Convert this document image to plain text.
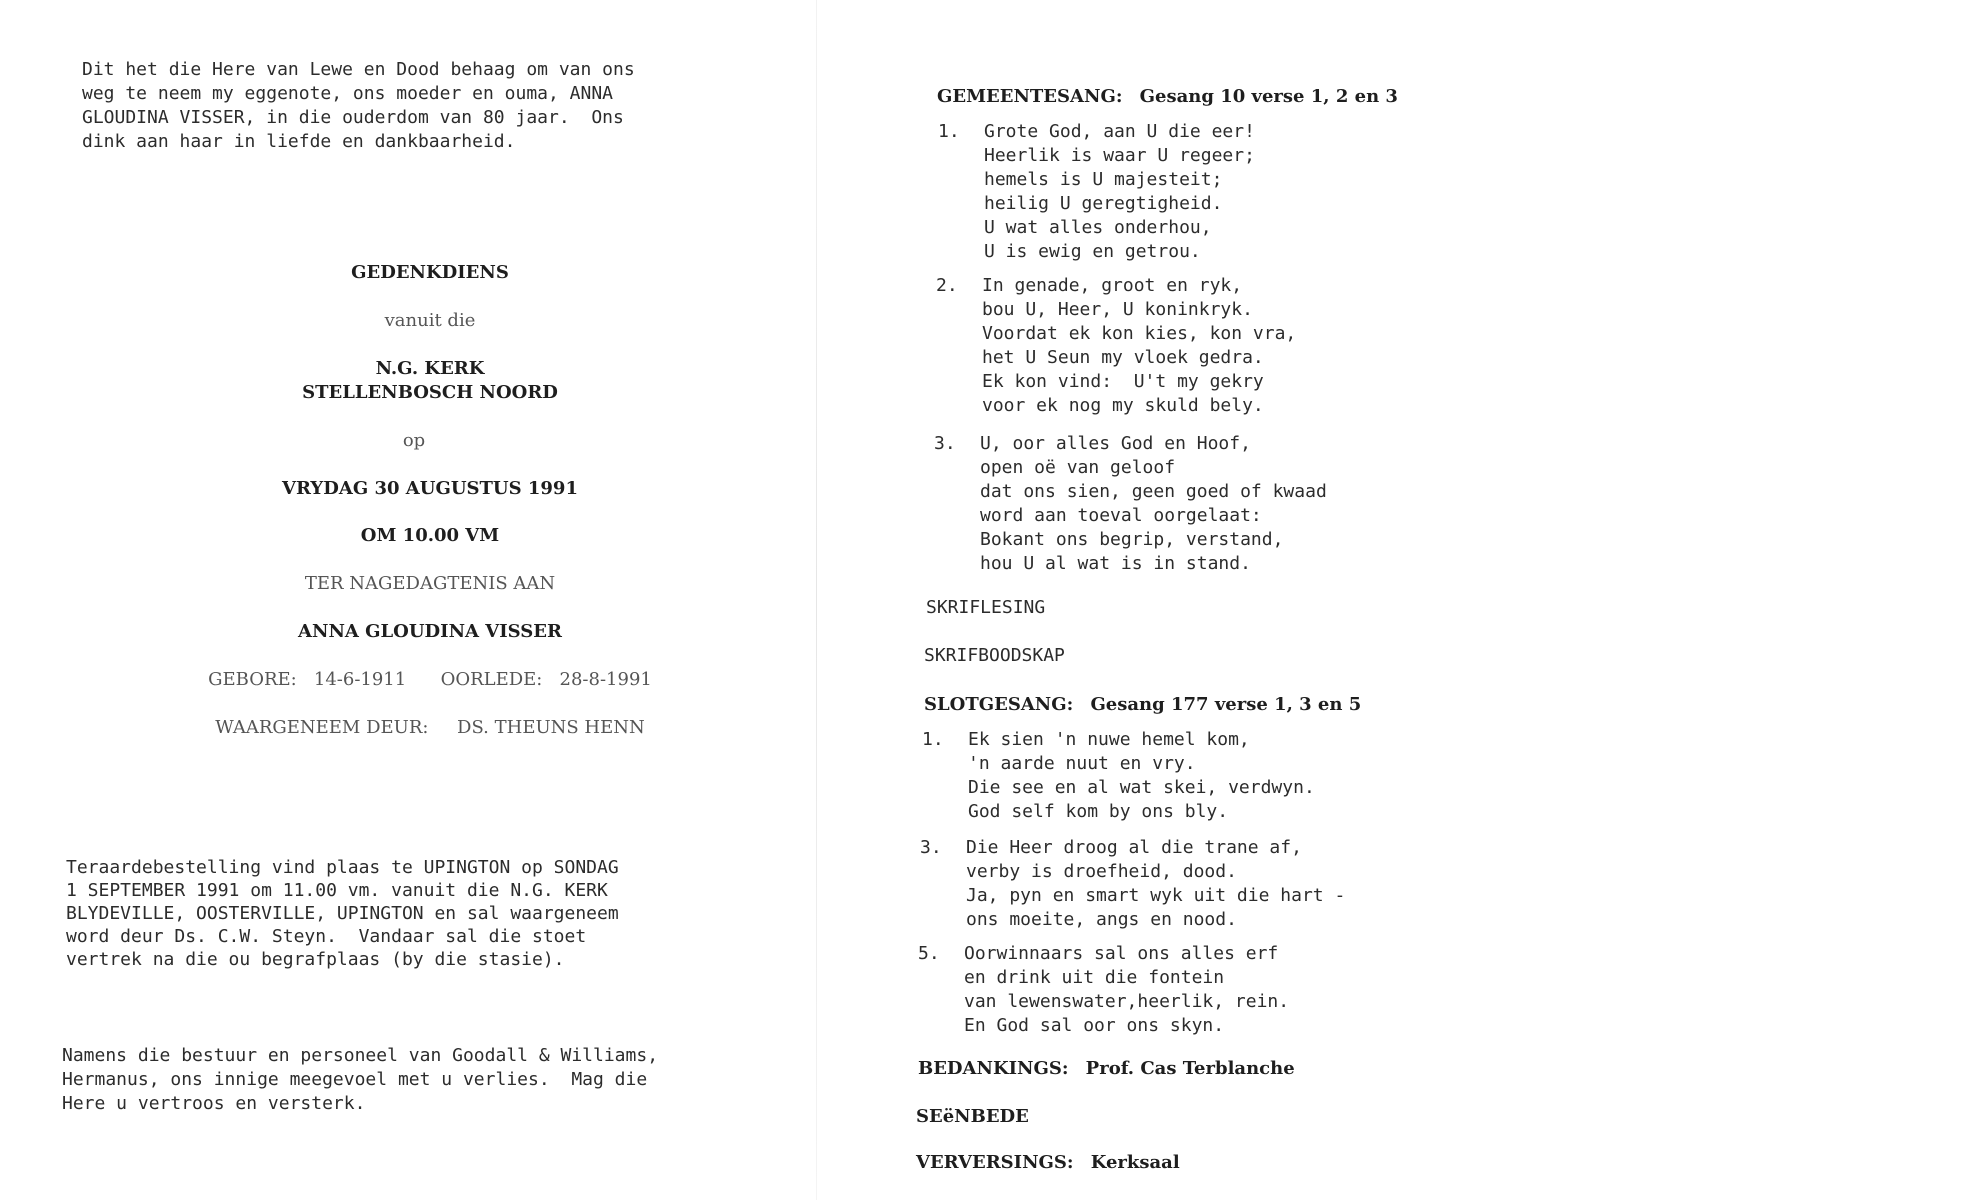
Dit het die Here van Lewe en Dood behaag om van ons
weg te neem my eggenote, ons moeder en ouma, ANNA
GLOUDINA VISSER, in die ouderdom van 80 jaar.  Ons
dink aan haar in liefde en dankbaarheid.
GEDENKDIENS
vanuit die
N.G. KERK
STELLENBOSCH NOORD
op
VRYDAG 30 AUGUSTUS 1991
OM 10.00 VM
TER NAGEDAGTENIS AAN
ANNA GLOUDINA VISSER
GEBORE: 14-6-1911 OORLEDE: 28-8-1991
WAARGENEEM DEUR: DS. THEUNS HENN
Teraardebestelling vind plaas te UPINGTON op SONDAG
1 SEPTEMBER 1991 om 11.00 vm. vanuit die N.G. KERK
BLYDEVILLE, OOSTERVILLE, UPINGTON en sal waargeneem
word deur Ds. C.W. Steyn.  Vandaar sal die stoet
vertrek na die ou begrafplaas (by die stasie).
Namens die bestuur en personeel van Goodall & Williams,
Hermanus, ons innige meegevoel met u verlies.  Mag die
Here u vertroos en versterk.
GEMEENTESANG: Gesang 10 verse 1, 2 en 3
1. Grote God, aan U die eer!
Heerlik is waar U regeer;
hemels is U majesteit;
heilig U geregtigheid.
U wat alles onderhou,
U is ewig en getrou.
2. In genade, groot en ryk,
bou U, Heer, U koninkryk.
Voordat ek kon kies, kon vra,
het U Seun my vloek gedra.
Ek kon vind:  U't my gekry
voor ek nog my skuld bely.
3. U, oor alles God en Hoof,
open oë van geloof
dat ons sien, geen goed of kwaad
word aan toeval oorgelaat:
Bokant ons begrip, verstand,
hou U al wat is in stand.
SKRIFLESING
SKRIFBOODSKAP
SLOTGESANG: Gesang 177 verse 1, 3 en 5
1. Ek sien 'n nuwe hemel kom,
'n aarde nuut en vry.
Die see en al wat skei, verdwyn.
God self kom by ons bly.
3. Die Heer droog al die trane af,
verby is droefheid, dood.
Ja, pyn en smart wyk uit die hart -
ons moeite, angs en nood.
5. Oorwinnaars sal ons alles erf
en drink uit die fontein
van lewenswater,heerlik, rein.
En God sal oor ons skyn.
BEDANKINGS: Prof. Cas Terblanche
SEëNBEDE
VERVERSINGS: Kerksaal
